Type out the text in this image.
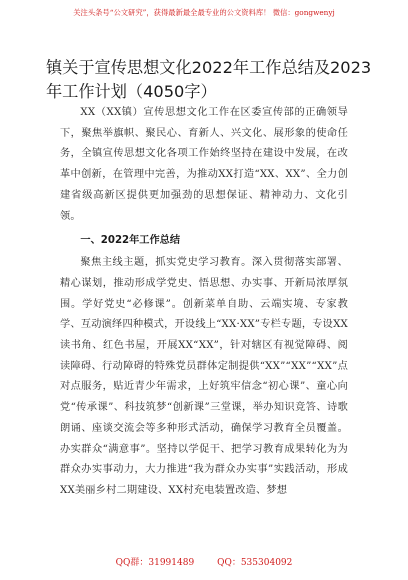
关注头条号“公文研究”，获得最新最全最专业的公文资料库！ 微信：gongwenyj
镇关于宣传思想文化2022年工作总结及2023年工作计划（4050字）

XX（XX镇）宣传思想文化工作在区委宣传部的正确领导下，聚焦举旗帜、聚民心、育新人、兴文化、展形象的使命任务，全镇宣传思想文化各项工作始终坚持在建设中发展，在改革中创新，在管理中完善，为推动XX打造“XX、XX”、全力创建省级高新区提供更加强劲的思想保证、精神动力、文化引领。

一、2022年工作总结

聚焦主线主题，抓实党史学习教育。深入贯彻落实部署、精心谋划，推动形成学党史、悟思想、办实事、开新局浓厚氛围。学好党史“必修课”。创新菜单自助、云端实境、专家教学、互动演绎四种模式，开设线上“XX·XX”专栏专题，专设XX读书角、红色书屋，开展XX“XX”，针对辖区有视觉障碍、阅读障碍、行动障碍的特殊党员群体定制提供“XX”“XX”“XX”点对点服务，贴近青少年需求，上好筑牢信念“初心课”、童心向党“传承课”、科技筑梦“创新课”三堂课，举办知识竞答、诗歌朗诵、座谈交流会等多种形式活动，确保学习教育全员覆盖。办实群众“满意事”。坚持以学促干、把学习教育成果转化为为群众办实事动力，大力推进“我为群众办实事”实践活动，形成XX美丽乡村二期建设、XX村充电装置改造、梦想

QQ群：31991489	QQ：535304092
